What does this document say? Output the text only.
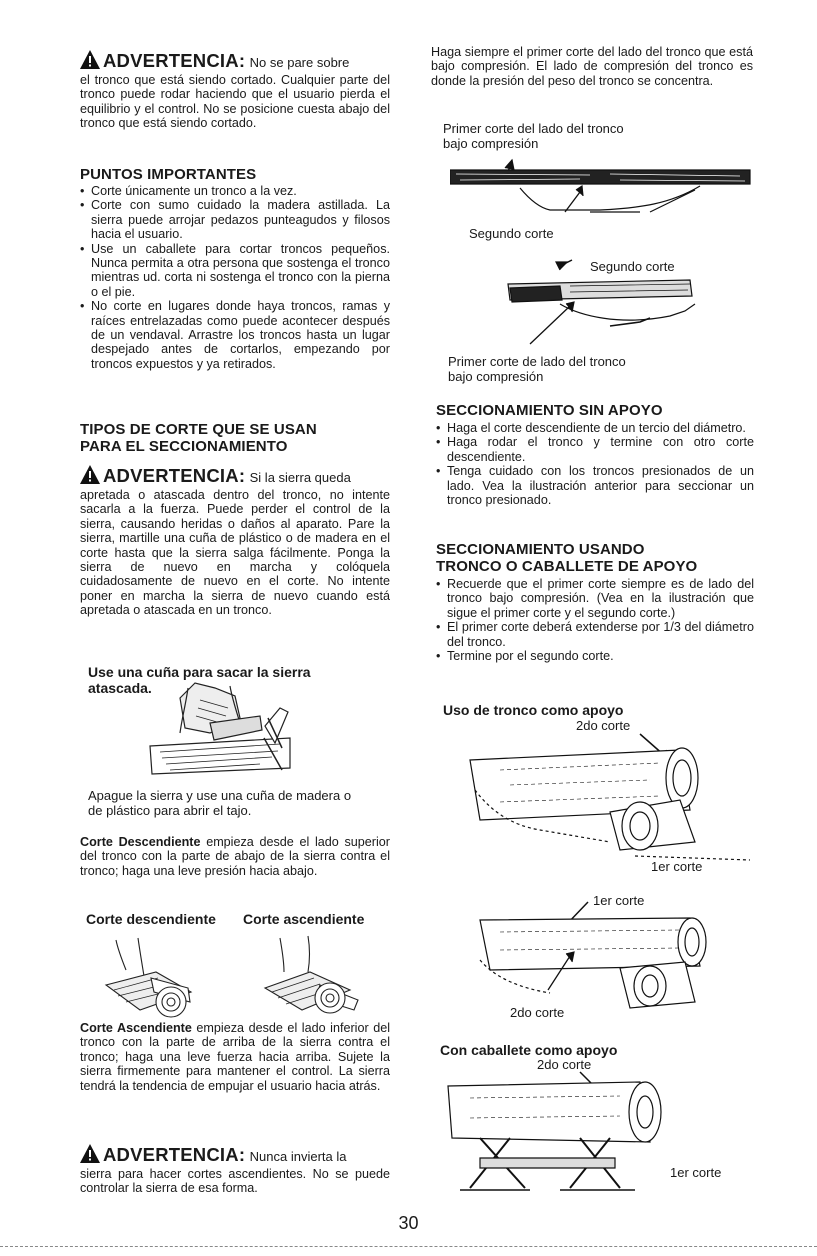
ADVERTENCIA: No se pare sobre
el tronco que está siendo cortado. Cualquier parte del tronco puede rodar haciendo que el usuario pierda el equilibrio y el control. No se posicione cuesta abajo del tronco que está siendo cortado.
PUNTOS IMPORTANTES
• Corte únicamente un tronco a la vez.
• Corte con sumo cuidado la madera astillada. La sierra puede arrojar pedazos punteagudos y filosos hacia el usuario.
• Use un caballete para cortar troncos pequeños. Nunca permita a otra persona que sostenga el tronco mientras ud. corta ni sostenga el tronco con la pierna o el pie.
• No corte en lugares donde haya troncos, ramas y raíces entrelazadas como puede acontecer después de un vendaval. Arrastre los troncos hasta un lugar despejado antes de cortarlos, empezando por troncos expuestos y ya retirados.
TIPOS DE CORTE QUE SE USAN
PARA EL SECCIONAMIENTO
ADVERTENCIA: Si la sierra queda
apretada o atascada dentro del tronco, no intente sacarla a la fuerza. Puede perder el control de la sierra, causando heridas o daños al aparato. Pare la sierra, martille una cuña de plástico o de madera en el corte hasta que la sierra salga fácilmente. Ponga la sierra de nuevo en marcha y colóquela cuidadosamente de nuevo en el corte. No intente poner en marcha la sierra de nuevo cuando está apretada o atascada en un tronco.
Use una cuña para sacar la sierra
atascada.
Apague la sierra y use una cuña de madera o de plástico para abrir el tajo.
Corte Descendiente empieza desde el lado superior del tronco con la parte de abajo de la sierra contra el tronco; haga una leve presión hacia abajo.
Corte descendiente Corte ascendiente
Corte Ascendiente empieza desde el lado inferior del tronco con la parte de arriba de la sierra contra el tronco; haga una leve fuerza hacia arriba. Sujete la sierra firmemente para mantener el control. La sierra tendrá la tendencia de empujar el usuario hacia atrás.
ADVERTENCIA: Nunca invierta la
sierra para hacer cortes ascendientes. No se puede controlar la sierra de esa forma.
Haga siempre el primer corte del lado del tronco que está bajo compresión. El lado de compresión del tronco es donde la presión del peso del tronco se concentra.
Primer corte del lado del tronco
bajo compresión
Segundo corte
Segundo corte
Primer corte de lado del tronco
bajo compresión
SECCIONAMIENTO SIN APOYO
• Haga el corte descendiente de un tercio del diámetro.
• Haga rodar el tronco y termine con otro corte descendiente.
• Tenga cuidado con los troncos presionados de un lado. Vea la ilustración anterior para seccionar un tronco presionado.
SECCIONAMIENTO USANDO
TRONCO O CABALLETE DE APOYO
• Recuerde que el primer corte siempre es de lado del tronco bajo compresión. (Vea en la ilustración que sigue el primer corte y el segundo corte.)
• El primer corte deberá extenderse por 1/3 del diámetro del tronco.
• Termine por el segundo corte.
Uso de tronco como apoyo
2do corte
1er corte
1er corte
2do corte
Con caballete como apoyo
2do corte
1er corte
30
